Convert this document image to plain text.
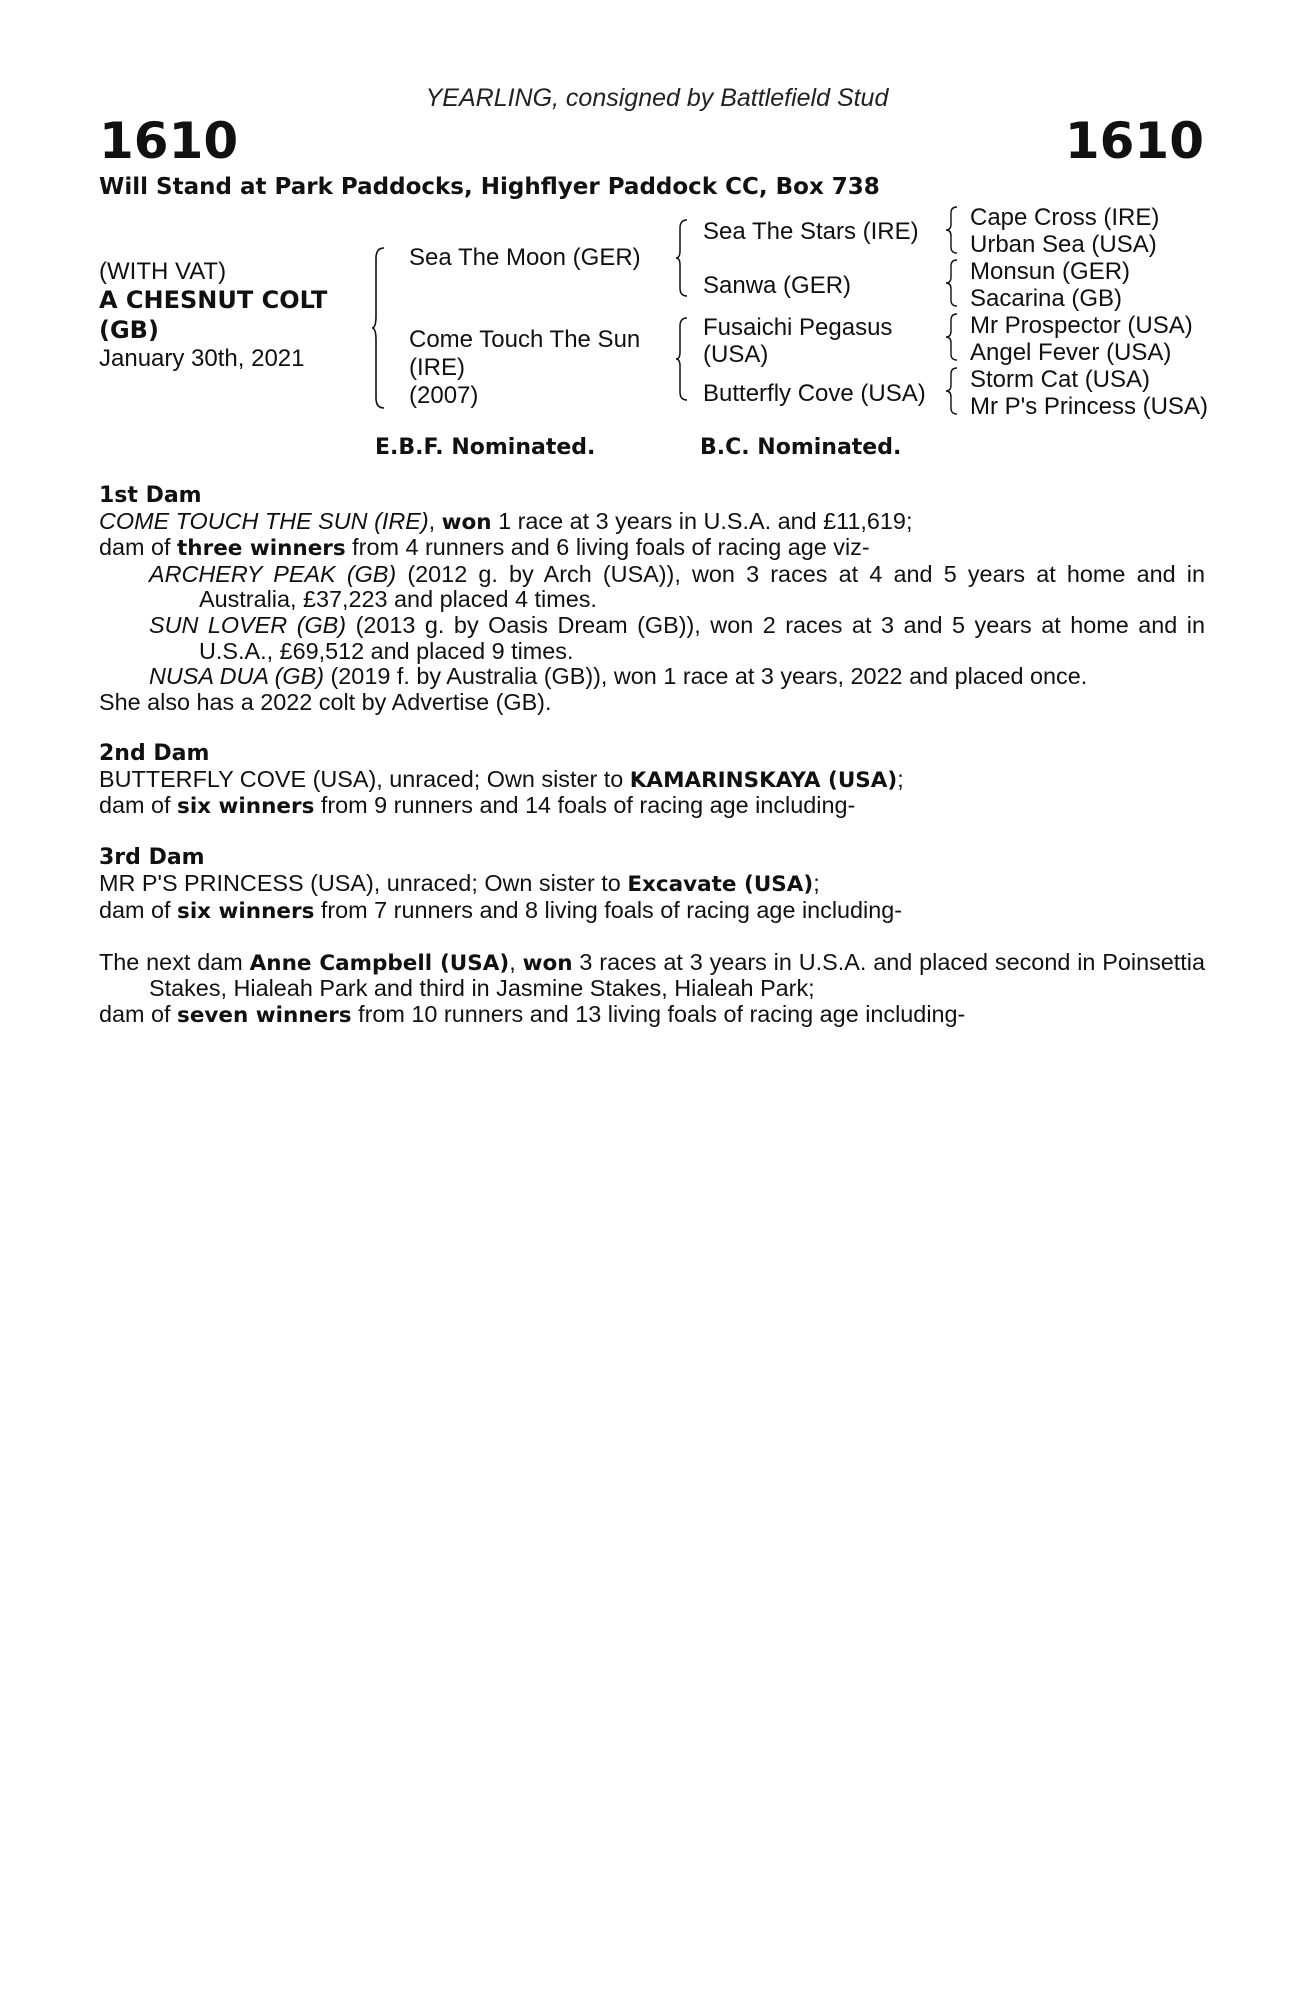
YEARLING, consigned by Battlefield Stud
1610	1610
Will Stand at Park Paddocks, Highflyer Paddock CC, Box 738
(WITH VAT)
A CHESNUT COLT
(GB)
January 30th, 2021
Sea The Moon (GER)
Come Touch The Sun
(IRE)
(2007)
Sea The Stars (IRE)
Sanwa (GER)
Fusaichi Pegasus
(USA)
Butterfly Cove (USA)
Cape Cross (IRE)
Urban Sea (USA)
Monsun (GER)
Sacarina (GB)
Mr Prospector (USA)
Angel Fever (USA)
Storm Cat (USA)
Mr P's Princess (USA)
E.B.F. Nominated.	B.C. Nominated.

1st Dam

COME TOUCH THE SUN (IRE), won 1 race at 3 years in U.S.A. and £11,619;

dam of three winners from 4 runners and 6 living foals of racing age viz-

ARCHERY PEAK (GB) (2012 g. by Arch (USA)), won 3 races at 4 and 5 years at home and in Australia, £37,223 and placed 4 times.

SUN LOVER (GB) (2013 g. by Oasis Dream (GB)), won 2 races at 3 and 5 years at home and in U.S.A., £69,512 and placed 9 times.

NUSA DUA (GB) (2019 f. by Australia (GB)), won 1 race at 3 years, 2022 and placed once.

She also has a 2022 colt by Advertise (GB).

2nd Dam

BUTTERFLY COVE (USA), unraced; Own sister to KAMARINSKAYA (USA);

dam of six winners from 9 runners and 14 foals of racing age including-

3rd Dam

MR P'S PRINCESS (USA), unraced; Own sister to Excavate (USA);

dam of six winners from 7 runners and 8 living foals of racing age including-

The next dam Anne Campbell (USA), won 3 races at 3 years in U.S.A. and placed second in Poinsettia Stakes, Hialeah Park and third in Jasmine Stakes, Hialeah Park;

dam of seven winners from 10 runners and 13 living foals of racing age including-
